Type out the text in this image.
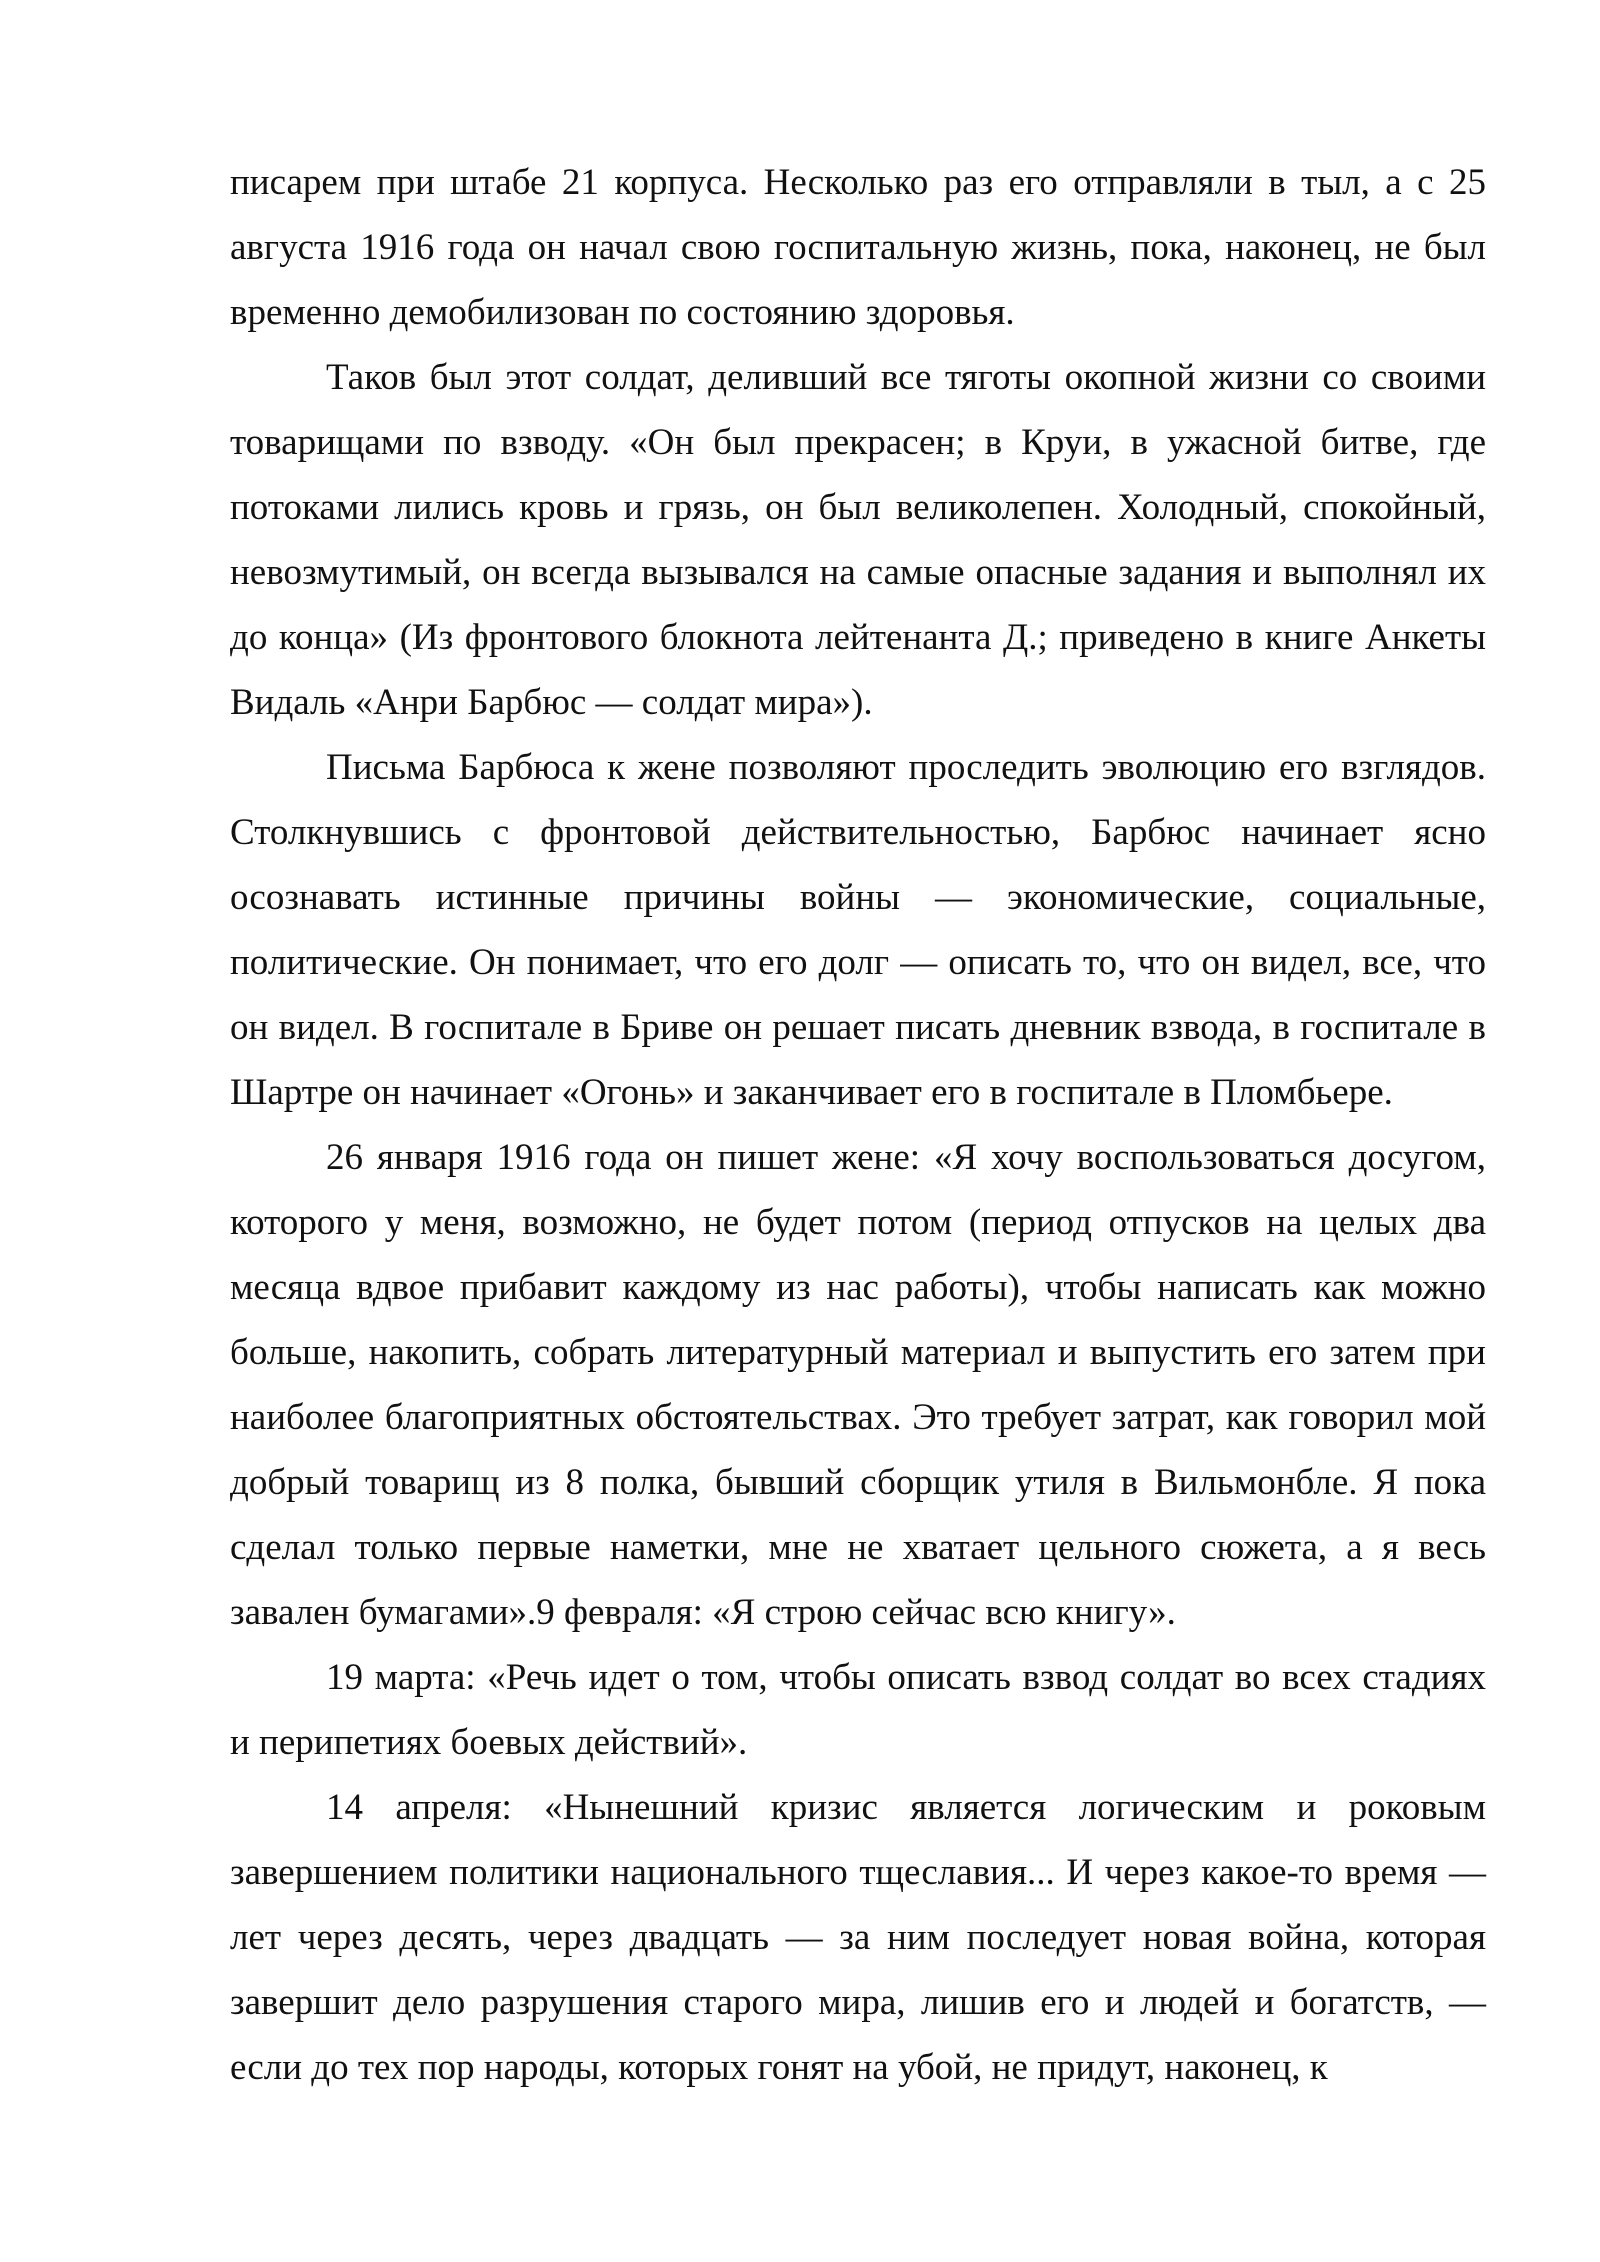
писарем при штабе 21 корпуса. Несколько раз его отправляли в тыл, а с 25 августа 1916 года он начал свою госпитальную жизнь, пока, наконец, не был временно демобилизован по состоянию здоровья.

Таков был этот солдат, деливший все тяготы окопной жизни со своими товарищами по взводу. «Он был прекрасен; в Круи, в ужасной битве, где потоками лились кровь и грязь, он был великолепен. Холодный, спокойный, невозмутимый, он всегда вызывался на самые опасные задания и выполнял их до конца» (Из фронтового блокнота лейтенанта Д.; приведено в книге Анкеты Видаль «Анри Барбюс — солдат мира»).

Письма Барбюса к жене позволяют проследить эволюцию его взглядов. Столкнувшись с фронтовой действительностью, Барбюс начинает ясно осознавать истинные причины войны — экономические, социальные, политические. Он понимает, что его долг — описать то, что он видел, все, что он видел. В госпитале в Бриве он решает писать дневник взвода, в госпитале в Шартре он начинает «Огонь» и заканчивает его в госпитале в Пломбьере.

26 января 1916 года он пишет жене: «Я хочу воспользоваться досугом, которого у меня, возможно, не будет потом (период отпусков на целых два месяца вдвое прибавит каждому из нас работы), чтобы написать как можно больше, накопить, собрать литературный материал и выпустить его затем при наиболее благоприятных обстоятельствах. Это требует затрат, как говорил мой добрый товарищ из 8 полка, бывший сборщик утиля в Вильмонбле. Я пока сделал только первые наметки, мне не хватает цельного сюжета, а я весь завален бумагами».9 февраля: «Я строю сейчас всю книгу».

19 марта: «Речь идет о том, чтобы описать взвод солдат во всех стадиях и перипетиях боевых действий».

14 апреля: «Нынешний кризис является логическим и роковым завершением политики национального тщеславия... И через какое-то время — лет через десять, через двадцать — за ним последует новая война, которая завершит дело разрушения старого мира, лишив его и людей и богатств, — если до тех пор народы, которых гонят на убой, не придут, наконец, к
